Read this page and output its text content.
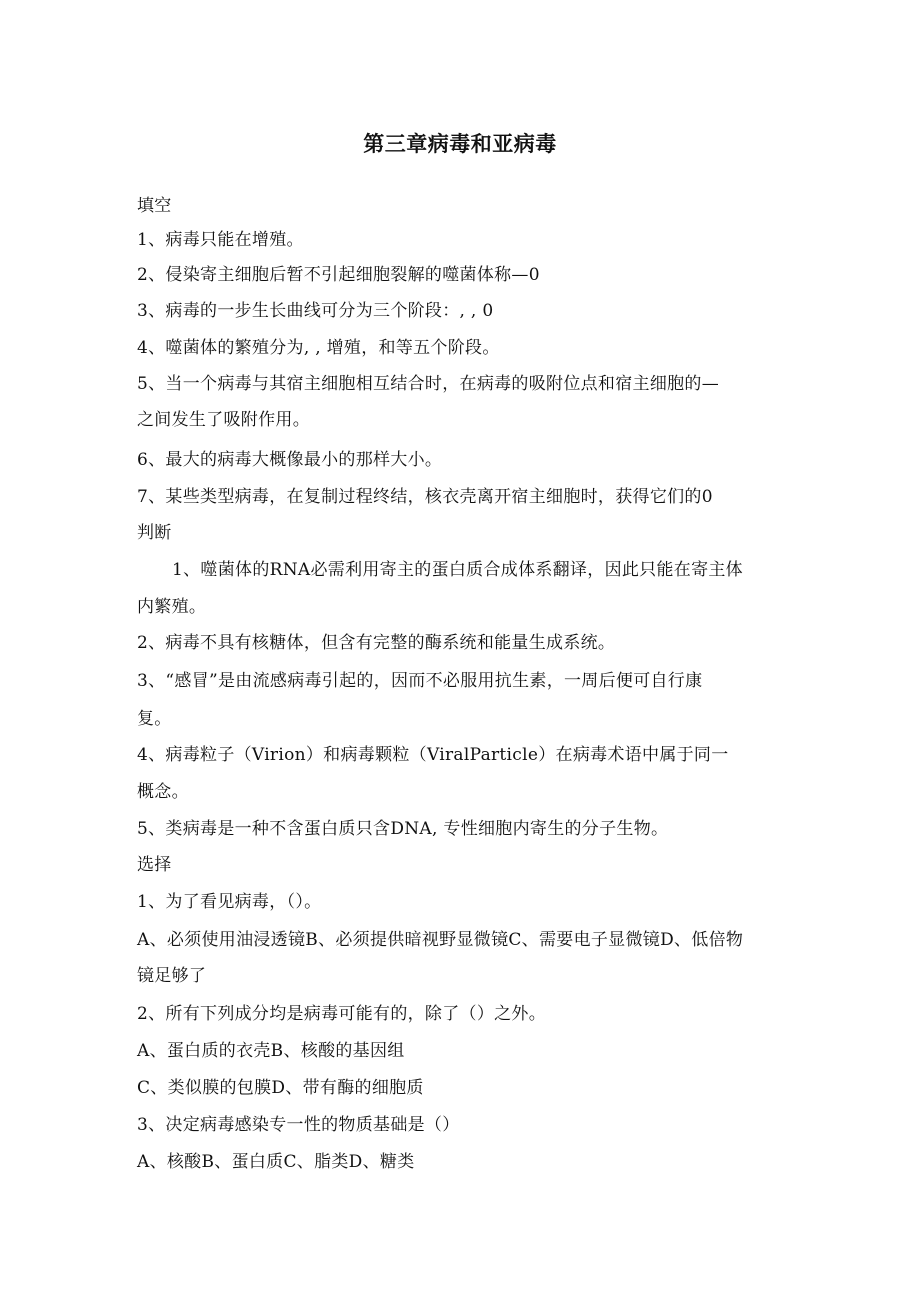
第三章病毒和亚病毒
填空
1、病毒只能在增殖。
2、侵染寄主细胞后暂不引起细胞裂解的噬菌体称—0
3、病毒的一步生长曲线可分为三个阶段：, , 0
4、噬菌体的繁殖分为, , 增殖，和等五个阶段。
5、当一个病毒与其宿主细胞相互结合时，在病毒的吸附位点和宿主细胞的—
之间发生了吸附作用。
6、最大的病毒大概像最小的那样大小。
7、某些类型病毒，在复制过程终结，核衣壳离开宿主细胞时，获得它们的0
判断
1、噬菌体的RNA必需利用寄主的蛋白质合成体系翻译，因此只能在寄主体
内繁殖。
2、病毒不具有核糖体，但含有完整的酶系统和能量生成系统。
3、“感冒”是由流感病毒引起的，因而不必服用抗生素，一周后便可自行康
复。
4、病毒粒子（Virion）和病毒颗粒（ViralParticle）在病毒术语中属于同一
概念。
5、类病毒是一种不含蛋白质只含DNA, 专性细胞内寄生的分子生物。
选择
1、为了看见病毒，（）。
A、必须使用油浸透镜B、必须提供暗视野显微镜C、需要电子显微镜D、低倍物
镜足够了
2、所有下列成分均是病毒可能有的，除了（）之外。
A、蛋白质的衣壳B、核酸的基因组
C、类似膜的包膜D、带有酶的细胞质
3、决定病毒感染专一性的物质基础是（）
A、核酸B、蛋白质C、脂类D、糖类
